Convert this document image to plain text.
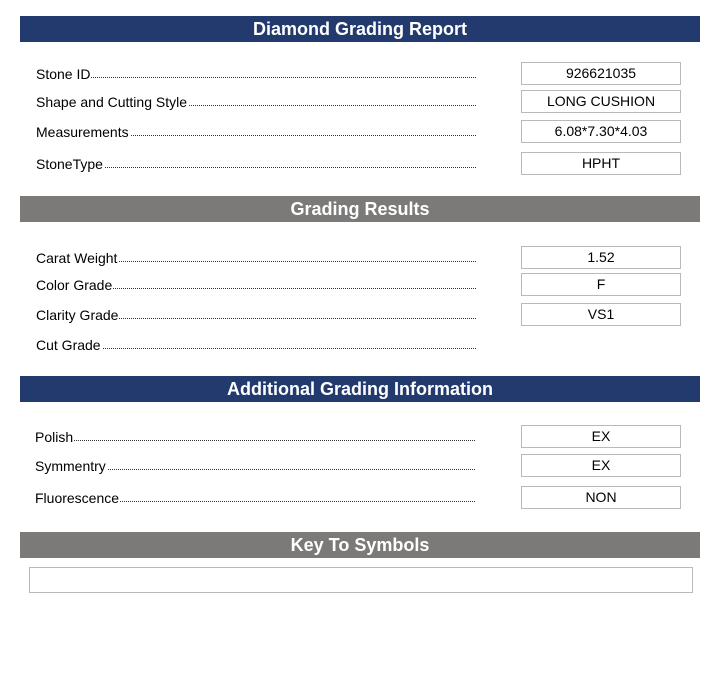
Diamond Grading Report
Stone ID	926621035
Shape and Cutting Style	LONG CUSHION
Measurements	6.08*7.30*4.03
StoneType	HPHT
Grading Results
Carat Weight	1.52
Color Grade	F
Clarity Grade	VS1
Cut Grade
Additional Grading Information
Polish	EX
Symmentry	EX
Fluorescence	NON
Key To Symbols
